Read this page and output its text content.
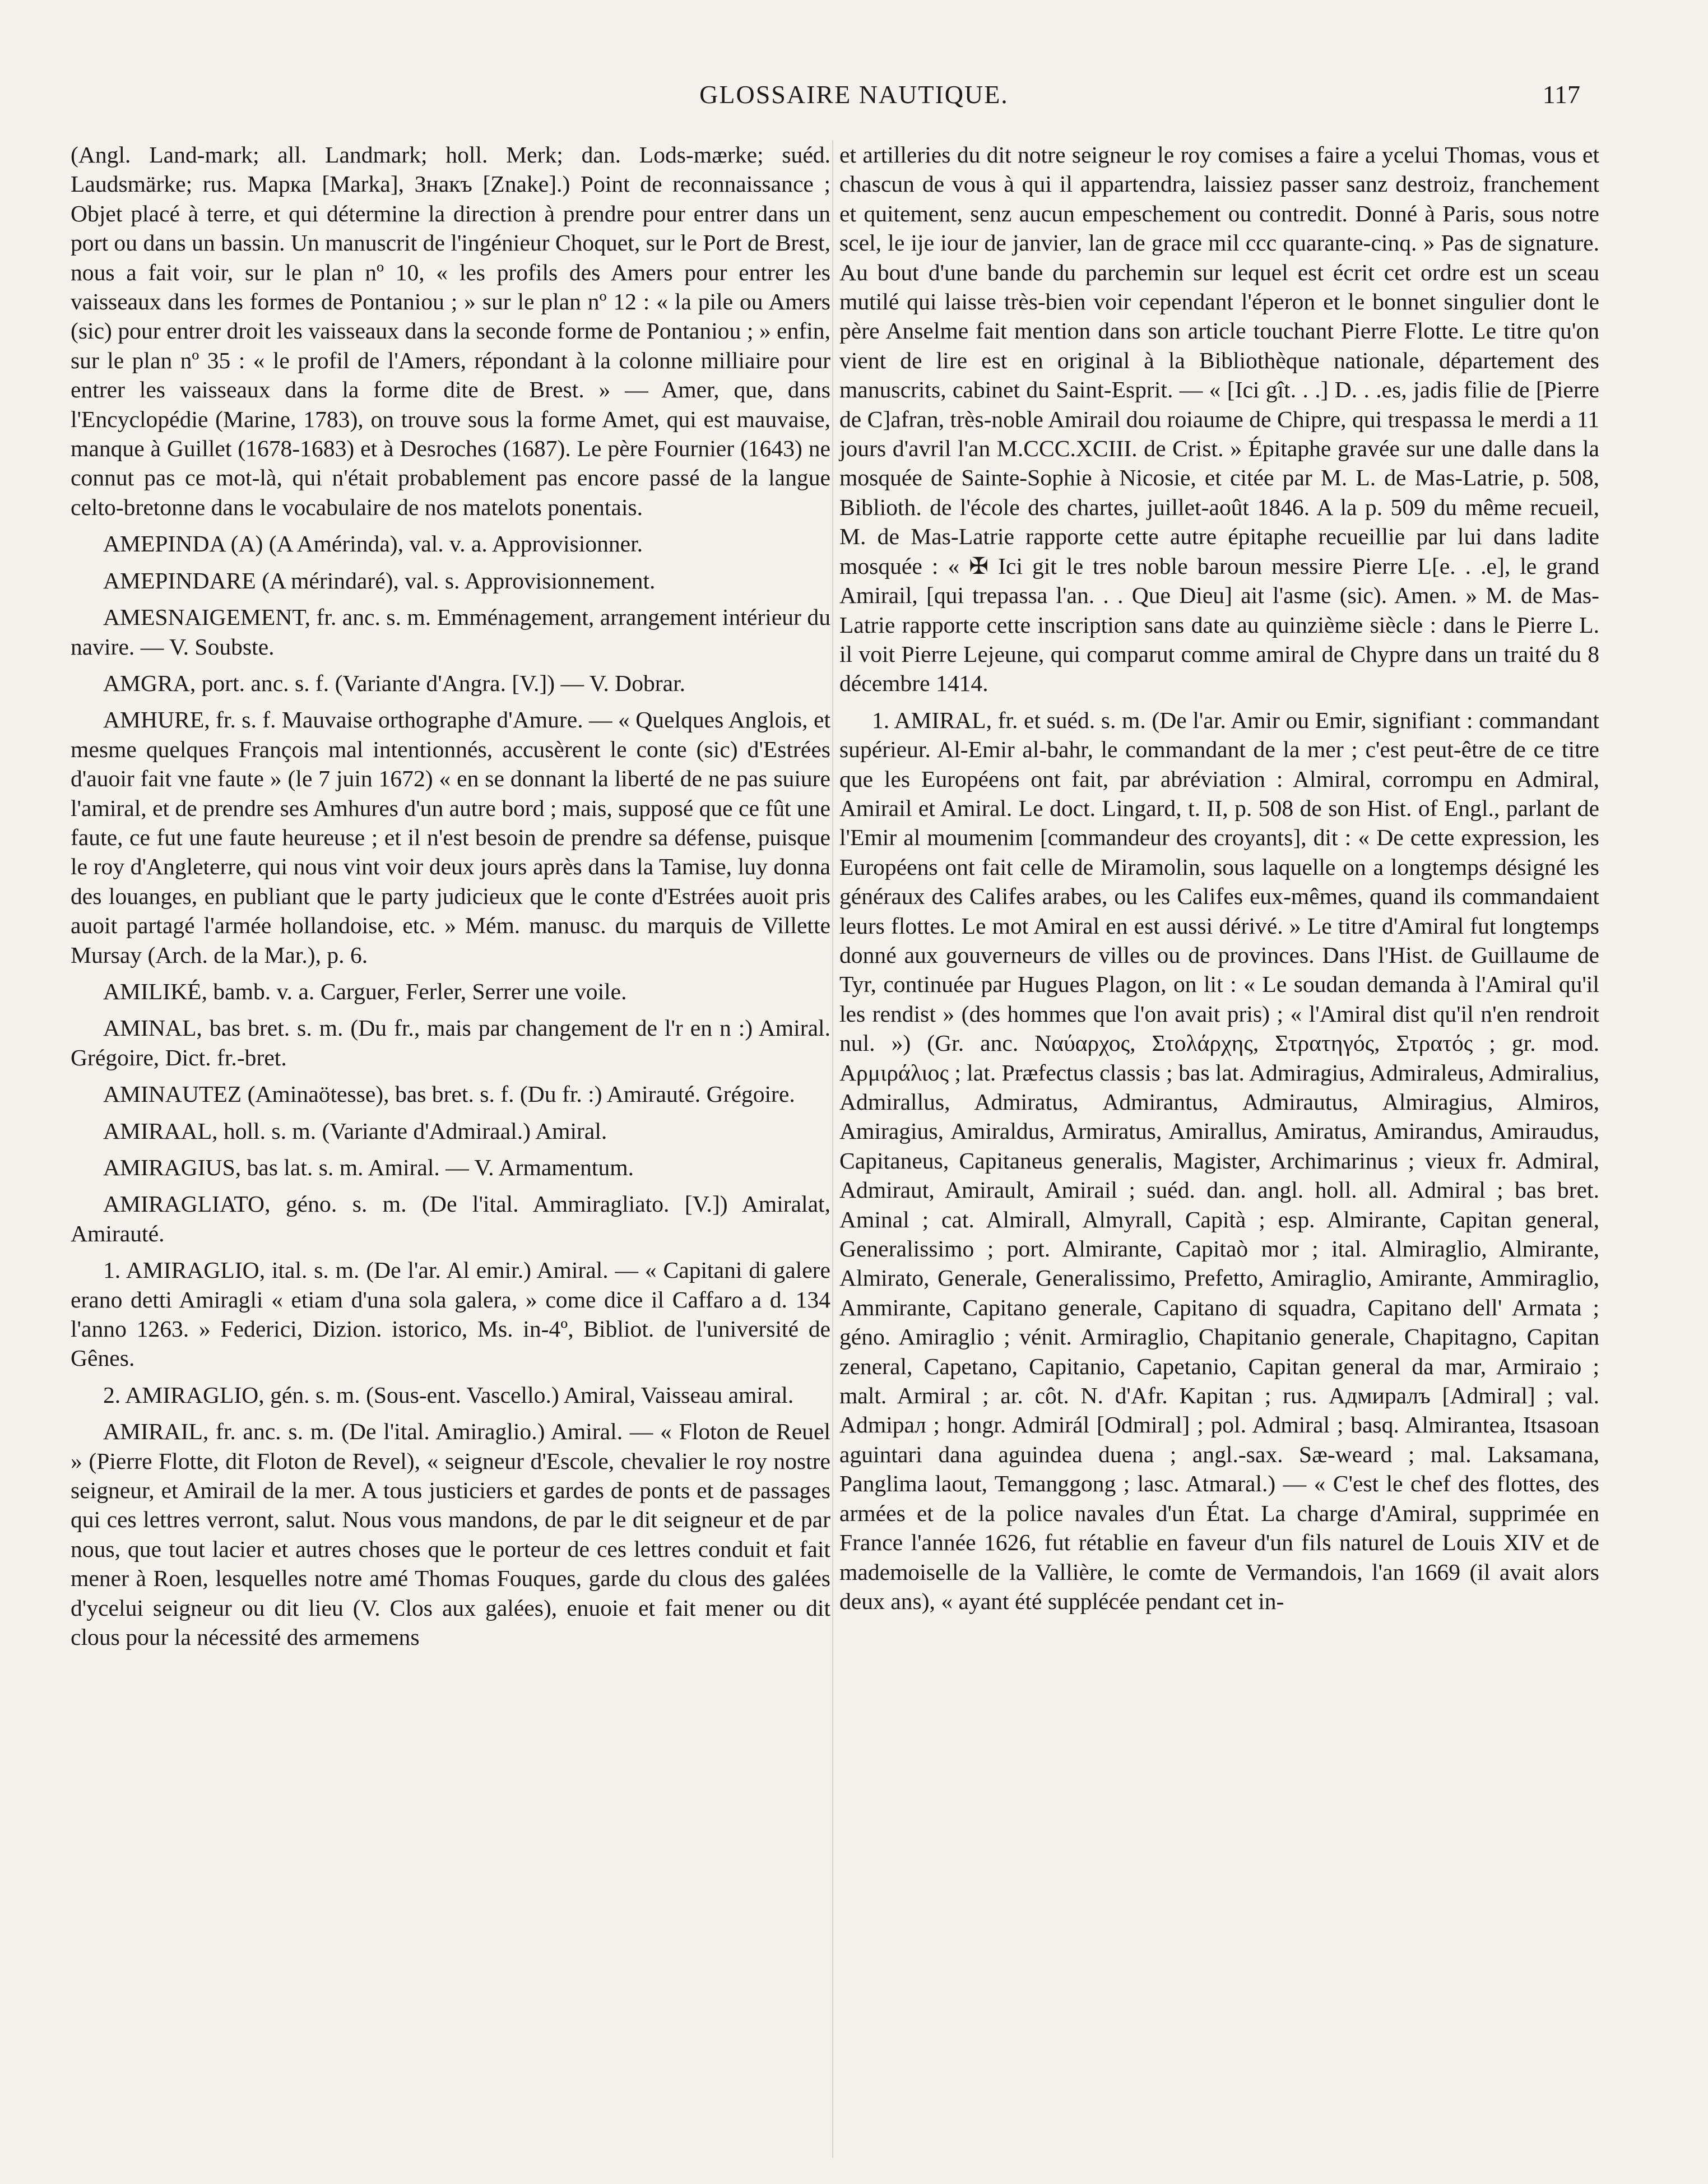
GLOSSAIRE NAUTIQUE.	117

(Angl. Land-mark; all. Landmark; holl. Merk; dan. Lods-mærke; suéd. Laudsmärke; rus. Марка [Marka], Знакъ [Znake].) Point de reconnaissance ; Objet placé à terre, et qui détermine la direction à prendre pour entrer dans un port ou dans un bassin. Un manuscrit de l'ingénieur Choquet, sur le Port de Brest, nous a fait voir, sur le plan nº 10, « les profils des Amers pour entrer les vaisseaux dans les formes de Pontaniou ; » sur le plan nº 12 : « la pile ou Amers (sic) pour entrer droit les vaisseaux dans la seconde forme de Pontaniou ; » enfin, sur le plan nº 35 : « le profil de l'Amers, répondant à la colonne milliaire pour entrer les vaisseaux dans la forme dite de Brest. » — Amer, que, dans l'Encyclopédie (Marine, 1783), on trouve sous la forme Amet, qui est mauvaise, manque à Guillet (1678-1683) et à Desroches (1687). Le père Fournier (1643) ne connut pas ce mot-là, qui n'était probablement pas encore passé de la langue celto-bretonne dans le vocabulaire de nos matelots ponentais.

AMEPINDA (A) (A Amérinda), val. v. a. Approvisionner.

AMEPINDARE (A mérindaré), val. s. Approvisionnement.

AMESNAIGEMENT, fr. anc. s. m. Emménagement, arrangement intérieur du navire. — V. Soubste.

AMGRA, port. anc. s. f. (Variante d'Angra. [V.]) — V. Dobrar.

AMHURE, fr. s. f. Mauvaise orthographe d'Amure. — « Quelques Anglois, et mesme quelques François mal intentionnés, accusèrent le conte (sic) d'Estrées d'auoir fait vne faute » (le 7 juin 1672) « en se donnant la liberté de ne pas suiure l'amiral, et de prendre ses Amhures d'un autre bord ; mais, supposé que ce fût une faute, ce fut une faute heureuse ; et il n'est besoin de prendre sa défense, puisque le roy d'Angleterre, qui nous vint voir deux jours après dans la Tamise, luy donna des louanges, en publiant que le party judicieux que le conte d'Estrées auoit pris auoit partagé l'armée hollandoise, etc. » Mém. manusc. du marquis de Villette Mursay (Arch. de la Mar.), p. 6.

AMILIKÉ, bamb. v. a. Carguer, Ferler, Serrer une voile.

AMINAL, bas bret. s. m. (Du fr., mais par changement de l'r en n :) Amiral. Grégoire, Dict. fr.-bret.

AMINAUTEZ (Aminaötesse), bas bret. s. f. (Du fr. :) Amirauté. Grégoire.

AMIRAAL, holl. s. m. (Variante d'Admiraal.) Amiral.

AMIRAGIUS, bas lat. s. m. Amiral. — V. Armamentum.

AMIRAGLIATO, géno. s. m. (De l'ital. Ammiragliato. [V.]) Amiralat, Amirauté.

1. AMIRAGLIO, ital. s. m. (De l'ar. Al emir.) Amiral. — « Capitani di galere erano detti Amiragli « etiam d'una sola galera, » come dice il Caffaro a d. 134 l'anno 1263. » Federici, Dizion. istorico, Ms. in-4º, Bibliot. de l'université de Gênes.

2. AMIRAGLIO, gén. s. m. (Sous-ent. Vascello.) Amiral, Vaisseau amiral.

AMIRAIL, fr. anc. s. m. (De l'ital. Amiraglio.) Amiral. — « Floton de Reuel » (Pierre Flotte, dit Floton de Revel), « seigneur d'Escole, chevalier le roy nostre seigneur, et Amirail de la mer. A tous justiciers et gardes de ponts et de passages qui ces lettres verront, salut. Nous vous mandons, de par le dit seigneur et de par nous, que tout lacier et autres choses que le porteur de ces lettres conduit et fait mener à Roen, lesquelles notre amé Thomas Fouques, garde du clous des galées d'ycelui seigneur ou dit lieu (V. Clos aux galées), enuoie et fait mener ou dit clous pour la nécessité des armemens

et artilleries du dit notre seigneur le roy comises a faire a ycelui Thomas, vous et chascun de vous à qui il appartendra, laissiez passer sanz destroiz, franchement et quitement, senz aucun empeschement ou contredit. Donné à Paris, sous notre scel, le ije iour de janvier, lan de grace mil ccc quarante-cinq. » Pas de signature. Au bout d'une bande du parchemin sur lequel est écrit cet ordre est un sceau mutilé qui laisse très-bien voir cependant l'éperon et le bonnet singulier dont le père Anselme fait mention dans son article touchant Pierre Flotte. Le titre qu'on vient de lire est en original à la Bibliothèque nationale, département des manuscrits, cabinet du Saint-Esprit. — « [Ici gît. . .] D. . .es, jadis filie de [Pierre de C]afran, très-noble Amirail dou roiaume de Chipre, qui trespassa le merdi a 11 jours d'avril l'an M.CCC.XCIII. de Crist. » Épitaphe gravée sur une dalle dans la mosquée de Sainte-Sophie à Nicosie, et citée par M. L. de Mas-Latrie, p. 508, Biblioth. de l'école des chartes, juillet-août 1846. A la p. 509 du même recueil, M. de Mas-Latrie rapporte cette autre épitaphe recueillie par lui dans ladite mosquée : « ✠ Ici git le tres noble baroun messire Pierre L[e. . .e], le grand Amirail, [qui trepassa l'an. . . Que Dieu] ait l'asme (sic). Amen. » M. de Mas-Latrie rapporte cette inscription sans date au quinzième siècle : dans le Pierre L. il voit Pierre Lejeune, qui comparut comme amiral de Chypre dans un traité du 8 décembre 1414.

1. AMIRAL, fr. et suéd. s. m. (De l'ar. Amir ou Emir, signifiant : commandant supérieur. Al-Emir al-bahr, le commandant de la mer ; c'est peut-être de ce titre que les Européens ont fait, par abréviation : Almiral, corrompu en Admiral, Amirail et Amiral. Le doct. Lingard, t. II, p. 508 de son Hist. of Engl., parlant de l'Emir al moumenim [commandeur des croyants], dit : « De cette expression, les Européens ont fait celle de Miramolin, sous laquelle on a longtemps désigné les généraux des Califes arabes, ou les Califes eux-mêmes, quand ils commandaient leurs flottes. Le mot Amiral en est aussi dérivé. » Le titre d'Amiral fut longtemps donné aux gouverneurs de villes ou de provinces. Dans l'Hist. de Guillaume de Tyr, continuée par Hugues Plagon, on lit : « Le soudan demanda à l'Amiral qu'il les rendist » (des hommes que l'on avait pris) ; « l'Amiral dist qu'il n'en rendroit nul. ») (Gr. anc. Ναύαρχος, Στολάρχης, Στρατηγός, Στρατός ; gr. mod. Αρμιράλιος ; lat. Præfectus classis ; bas lat. Admiragius, Admiraleus, Admiralius, Admirallus, Admiratus, Admirantus, Admirautus, Almiragius, Almiros, Amiragius, Amiraldus, Armiratus, Amirallus, Amiratus, Amirandus, Amiraudus, Capitaneus, Capitaneus generalis, Magister, Archimarinus ; vieux fr. Admiral, Admiraut, Amirault, Amirail ; suéd. dan. angl. holl. all. Admiral ; bas bret. Aminal ; cat. Almirall, Almyrall, Capità ; esp. Almirante, Capitan general, Generalissimo ; port. Almirante, Capitaò mor ; ital. Almiraglio, Almirante, Almirato, Generale, Generalissimo, Prefetto, Amiraglio, Amirante, Ammiraglio, Ammirante, Capitano generale, Capitano di squadra, Capitano dell' Armata ; géno. Amiraglio ; vénit. Armiraglio, Chapitanio generale, Chapitagno, Capitan zeneral, Capetano, Capitanio, Capetanio, Capitan general da mar, Armiraio ; malt. Armiral ; ar. côt. N. d'Afr. Kapitan ; rus. Адмиралъ [Admiral] ; val. Admipaл ; hongr. Admirál [Odmiral] ; pol. Admiral ; basq. Almirantea, Itsasoan aguintari dana aguindea duena ; angl.-sax. Sæ-weard ; mal. Laksamana, Panglima laout, Temanggong ; lasc. Atmaral.) — « C'est le chef des flottes, des armées et de la police navales d'un État. La charge d'Amiral, supprimée en France l'année 1626, fut rétablie en faveur d'un fils naturel de Louis XIV et de mademoiselle de la Vallière, le comte de Vermandois, l'an 1669 (il avait alors deux ans), « ayant été supplécée pendant cet in-
